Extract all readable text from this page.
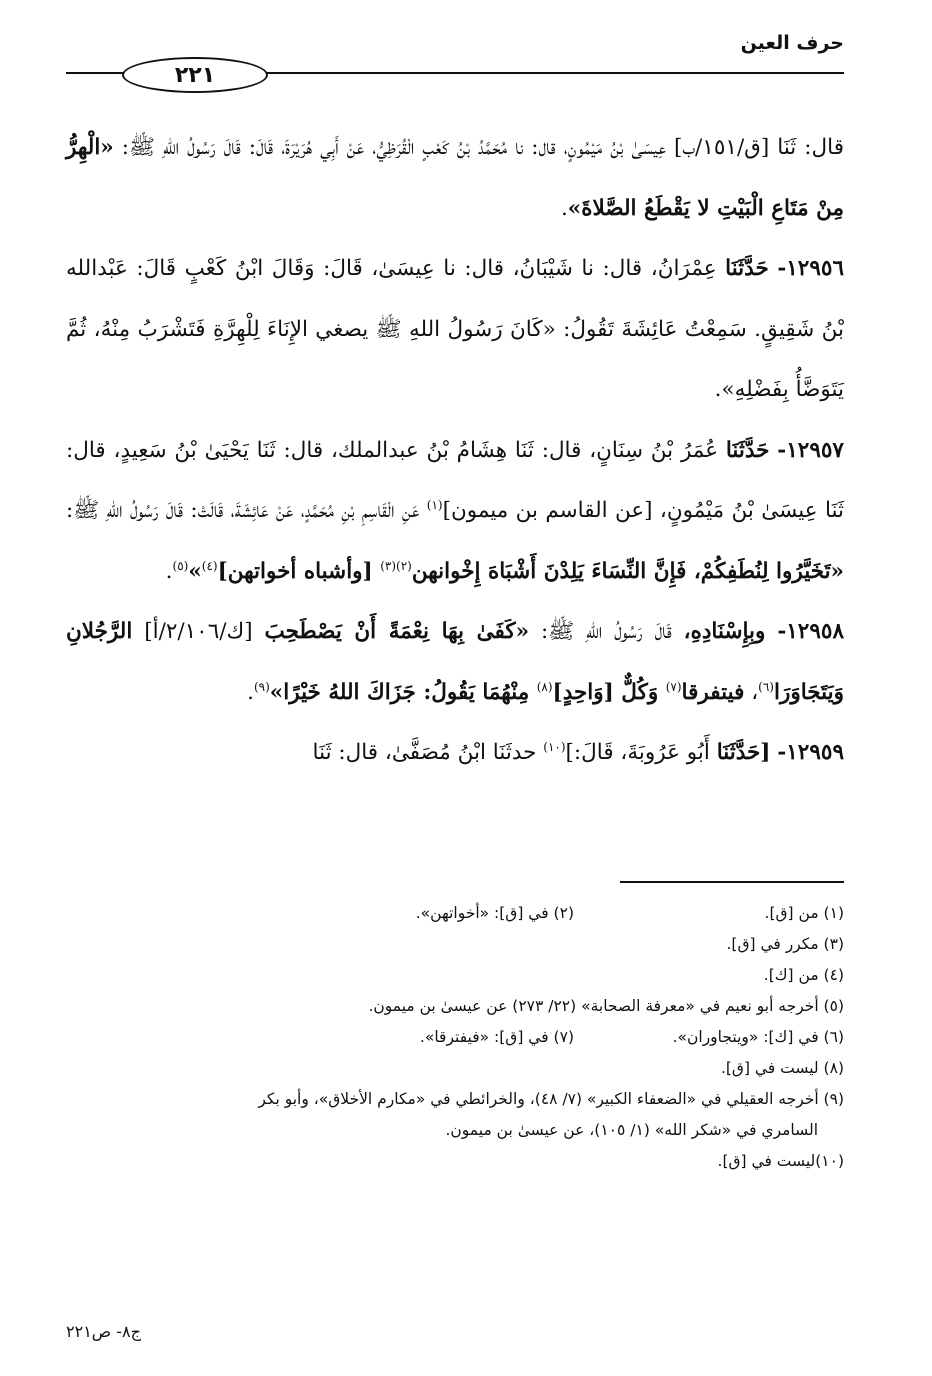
حرف العين
٢٢١

قال: ثَنَا [ق/١٥١/ب] عِيسَىٰ بْنُ مَيْمُونٍ، قال: نا مُحَمَّدُ بْنُ كَعْبٍ الْقُرَظِيُّ، عَنْ أَبِي هُرَيْرَةَ، قَالَ: قَالَ رَسُولُ اللهِ ﷺ: «الْهِرُّ مِنْ مَتَاعِ الْبَيْتِ لا يَقْطَعُ الصَّلاةَ».

١٢٩٥٦- حَدَّثَنَا عِمْرَانُ، قال: نا شَيْبَانُ، قال: نا عِيسَىٰ، قَالَ: وَقَالَ ابْنُ كَعْبٍ قَالَ: عَبْدالله بْنُ شَقِيقٍ. سَمِعْتُ عَائِشَةَ تَقُولُ: «كَانَ رَسُولُ اللهِ ﷺ يصغي الإِنَاءَ لِلْهِرَّةِ فَتَشْرَبُ مِنْهُ، ثُمَّ يَتَوَضَّأُ بِفَضْلِهِ».

١٢٩٥٧- حَدَّثَنَا عُمَرُ بْنُ سِنَانٍ، قال: ثَنَا هِشَامُ بْنُ عبدالملك، قال: ثَنَا يَحْيَىٰ بْنُ سَعِيدٍ، قال: ثَنَا عِيسَىٰ بْنُ مَيْمُونٍ، [عن القاسم بن ميمون]$^{(١)}$ عَنِ الْقَاسِمِ بْنِ مُحَمَّدٍ، عَنْ عَائِشَةَ، قَالَتْ: قَالَ رَسُولُ اللهِ ﷺ: «تَخَيَّرُوا لِنُطَفِكُمْ، فَإِنَّ النِّسَاءَ يَلِدْنَ أَشْبَاهَ إِخْوانهن$^{(٢)(٣)}$ [وأشباه أخواتهن]$^{(٤)}$»$^{(٥)}$.

١٢٩٥٨- وبِإِسْنَادِهِ، قَالَ رَسُولُ اللهِ ﷺ: «كَفَىٰ بِهَا نِعْمَةً أَنْ يَصْطَحِبَ [ك/٢/١٠٦/أ] الرَّجُلانِ وَيَتَجَاوَرَا$^{(٦)}$، فيتفرقا$^{(٧)}$ وَكُلٌّ [وَاحِدٍ]$^{(٨)}$ مِنْهُمَا يَقُولُ: جَزَاكَ اللهُ خَيْرًا»$^{(٩)}$.

١٢٩٥٩- [حَدَّثَنَا أَبُو عَرُوبَةَ، قَالَ:]$^{(١٠)}$ حدثَنَا ابْنُ مُصَفَّىٰ، قال: ثَنَا

(١) من [ق].
(٢) في [ق]: «أخواتهن».
(٣) مكرر في [ق].
(٤) من [ك].
(٥) أخرجه أبو نعيم في «معرفة الصحابة» (٢٢/ ٢٧٣) عن عيسىٰ بن ميمون.
(٦) في [ك]: «ويتجاوران».
(٧) في [ق]: «فيفترقا».
(٨) ليست في [ق].
(٩) أخرجه العقيلي في «الضعفاء الكبير» (٧/ ٤٨)، والخرائطي في «مكارم الأخلاق»، وأبو بكر
السامري في «شكر الله» (١/ ١٠٥)، عن عيسىٰ بن ميمون.
(١٠)ليست في [ق].
ج٨- ص٢٢١
